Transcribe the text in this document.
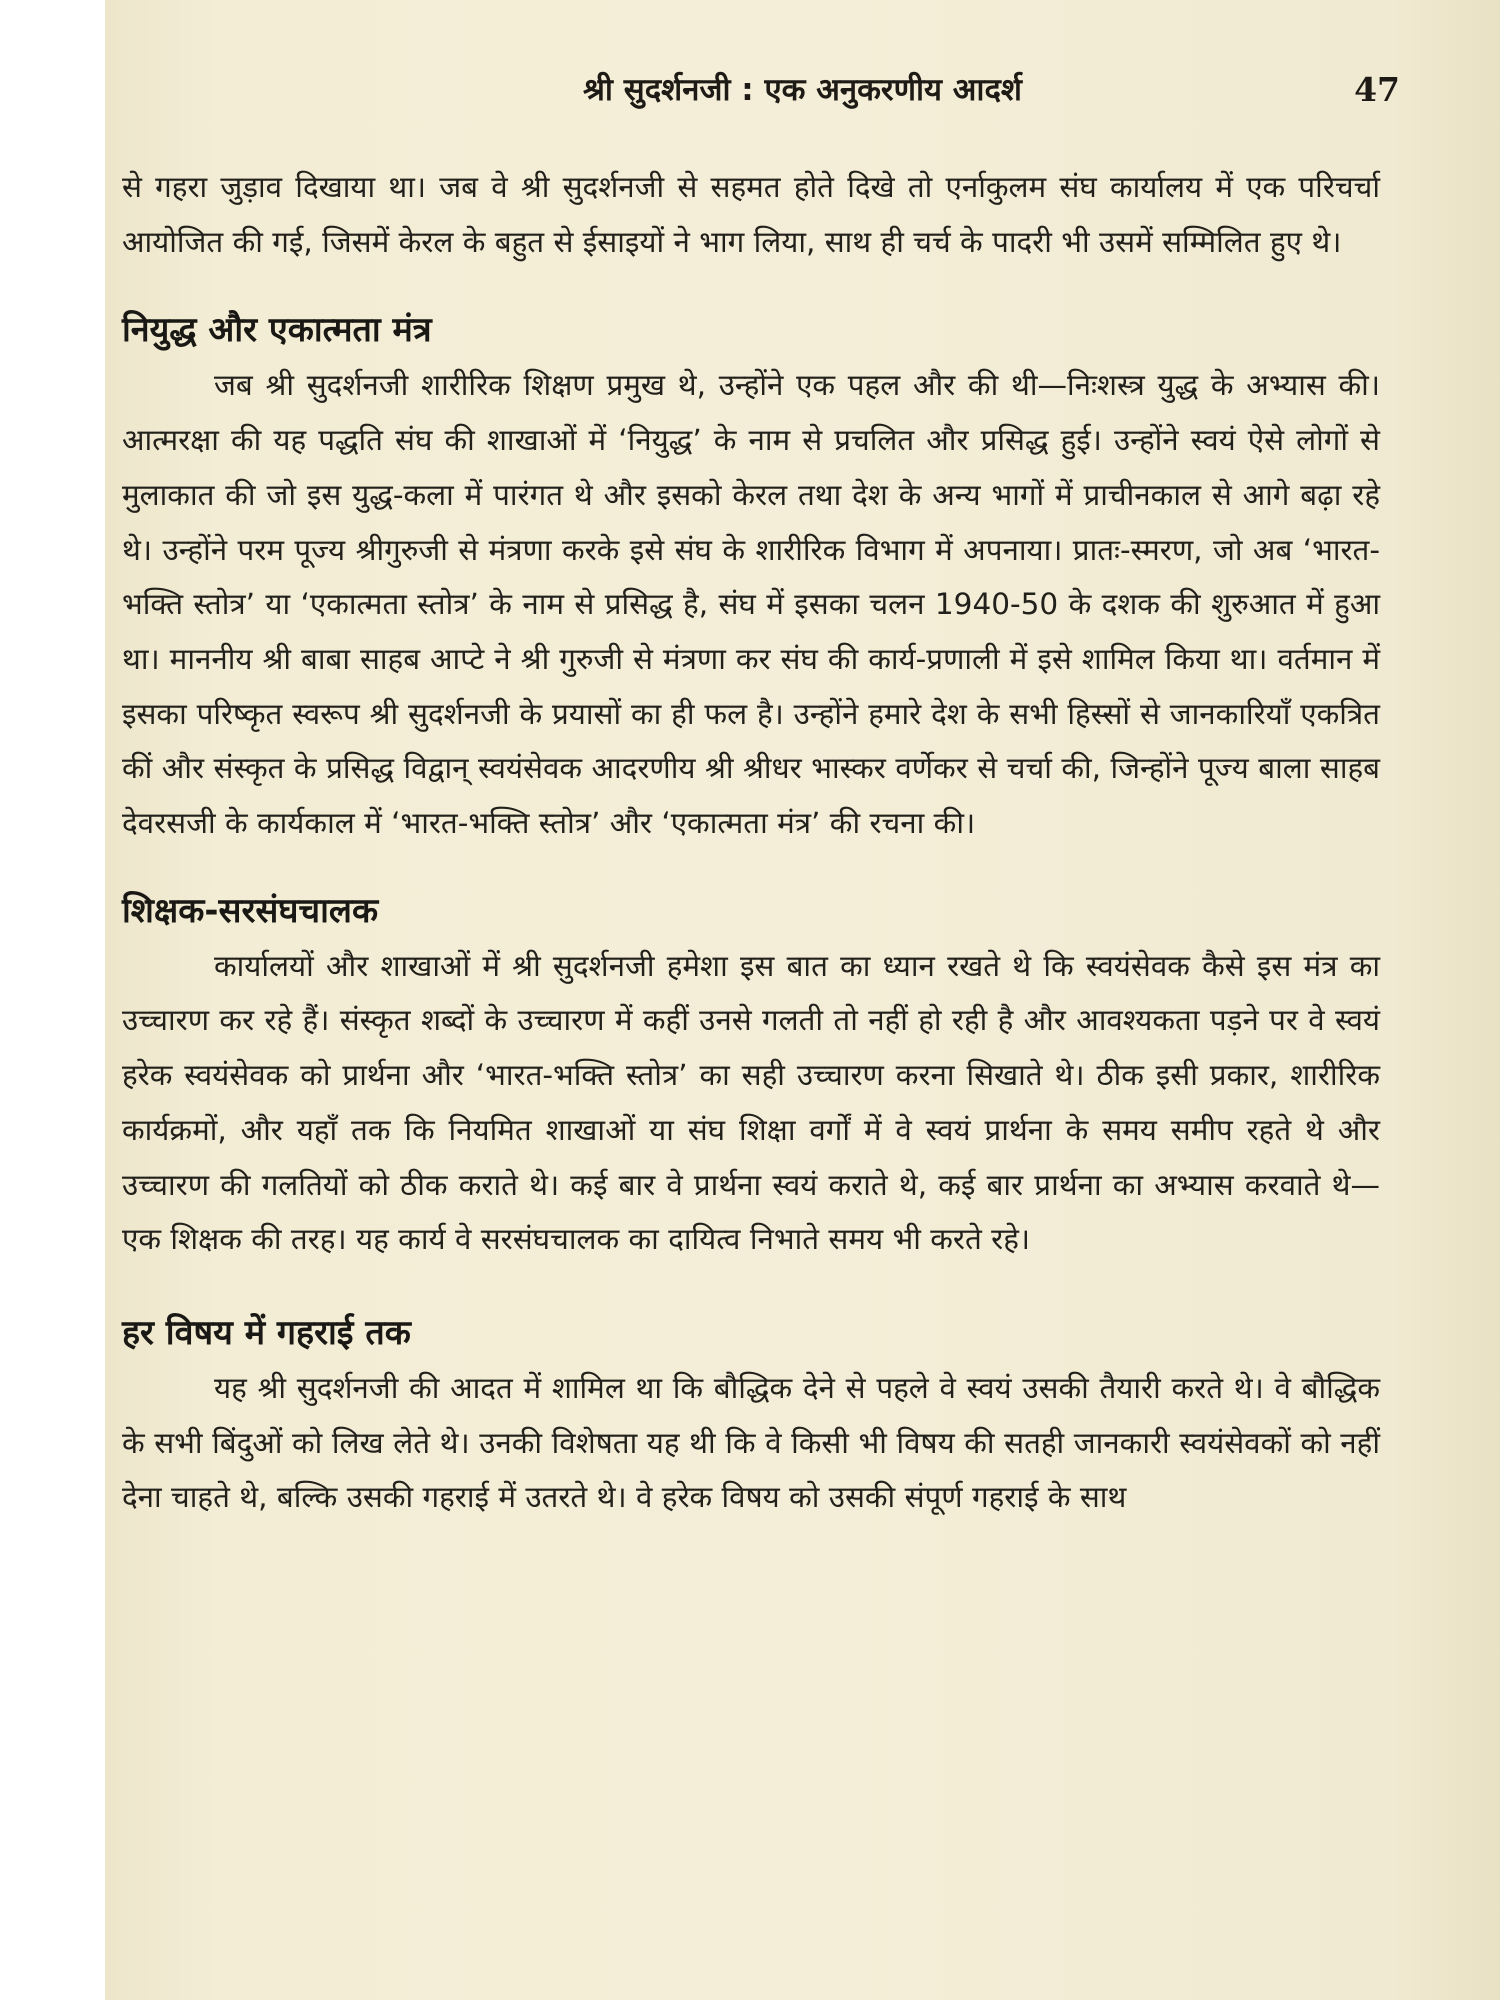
श्री सुदर्शनजी : एक अनुकरणीय आदर्श	47

से गहरा जुड़ाव दिखाया था। जब वे श्री सुदर्शनजी से सहमत होते दिखे तो एर्नाकुलम संघ कार्यालय में एक परिचर्चा आयोजित की गई, जिसमें केरल के बहुत से ईसाइयों ने भाग लिया, साथ ही चर्च के पादरी भी उसमें सम्मिलित हुए थे।

नियुद्ध और एकात्मता मंत्र

जब श्री सुदर्शनजी शारीरिक शिक्षण प्रमुख थे, उन्होंने एक पहल और की थी—निःशस्त्र युद्ध के अभ्यास की। आत्मरक्षा की यह पद्धति संघ की शाखाओं में ‘नियुद्ध’ के नाम से प्रचलित और प्रसिद्ध हुई। उन्होंने स्वयं ऐसे लोगों से मुलाकात की जो इस युद्ध-कला में पारंगत थे और इसको केरल तथा देश के अन्य भागों में प्राचीनकाल से आगे बढ़ा रहे थे। उन्होंने परम पूज्य श्रीगुरुजी से मंत्रणा करके इसे संघ के शारीरिक विभाग में अपनाया। प्रातः-स्मरण, जो अब ‘भारत-भक्ति स्तोत्र’ या ‘एकात्मता स्तोत्र’ के नाम से प्रसिद्ध है, संघ में इसका चलन 1940-50 के दशक की शुरुआत में हुआ था। माननीय श्री बाबा साहब आप्टे ने श्री गुरुजी से मंत्रणा कर संघ की कार्य-प्रणाली में इसे शामिल किया था। वर्तमान में इसका परिष्कृत स्वरूप श्री सुदर्शनजी के प्रयासों का ही फल है। उन्होंने हमारे देश के सभी हिस्सों से जानकारियाँ एकत्रित कीं और संस्कृत के प्रसिद्ध विद्वान् स्वयंसेवक आदरणीय श्री श्रीधर भास्कर वर्णेकर से चर्चा की, जिन्होंने पूज्य बाला साहब देवरसजी के कार्यकाल में ‘भारत-भक्ति स्तोत्र’ और ‘एकात्मता मंत्र’ की रचना की।

शिक्षक-सरसंघचालक

कार्यालयों और शाखाओं में श्री सुदर्शनजी हमेशा इस बात का ध्यान रखते थे कि स्वयंसेवक कैसे इस मंत्र का उच्चारण कर रहे हैं। संस्कृत शब्दों के उच्चारण में कहीं उनसे गलती तो नहीं हो रही है और आवश्यकता पड़ने पर वे स्वयं हरेक स्वयंसेवक को प्रार्थना और ‘भारत-भक्ति स्तोत्र’ का सही उच्चारण करना सिखाते थे। ठीक इसी प्रकार, शारीरिक कार्यक्रमों, और यहाँ तक कि नियमित शाखाओं या संघ शिक्षा वर्गों में वे स्वयं प्रार्थना के समय समीप रहते थे और उच्चारण की गलतियों को ठीक कराते थे। कई बार वे प्रार्थना स्वयं कराते थे, कई बार प्रार्थना का अभ्यास करवाते थे—एक शिक्षक की तरह। यह कार्य वे सरसंघचालक का दायित्व निभाते समय भी करते रहे।

हर विषय में गहराई तक

यह श्री सुदर्शनजी की आदत में शामिल था कि बौद्धिक देने से पहले वे स्वयं उसकी तैयारी करते थे। वे बौद्धिक के सभी बिंदुओं को लिख लेते थे। उनकी विशेषता यह थी कि वे किसी भी विषय की सतही जानकारी स्वयंसेवकों को नहीं देना चाहते थे, बल्कि उसकी गहराई में उतरते थे। वे हरेक विषय को उसकी संपूर्ण गहराई के साथ
